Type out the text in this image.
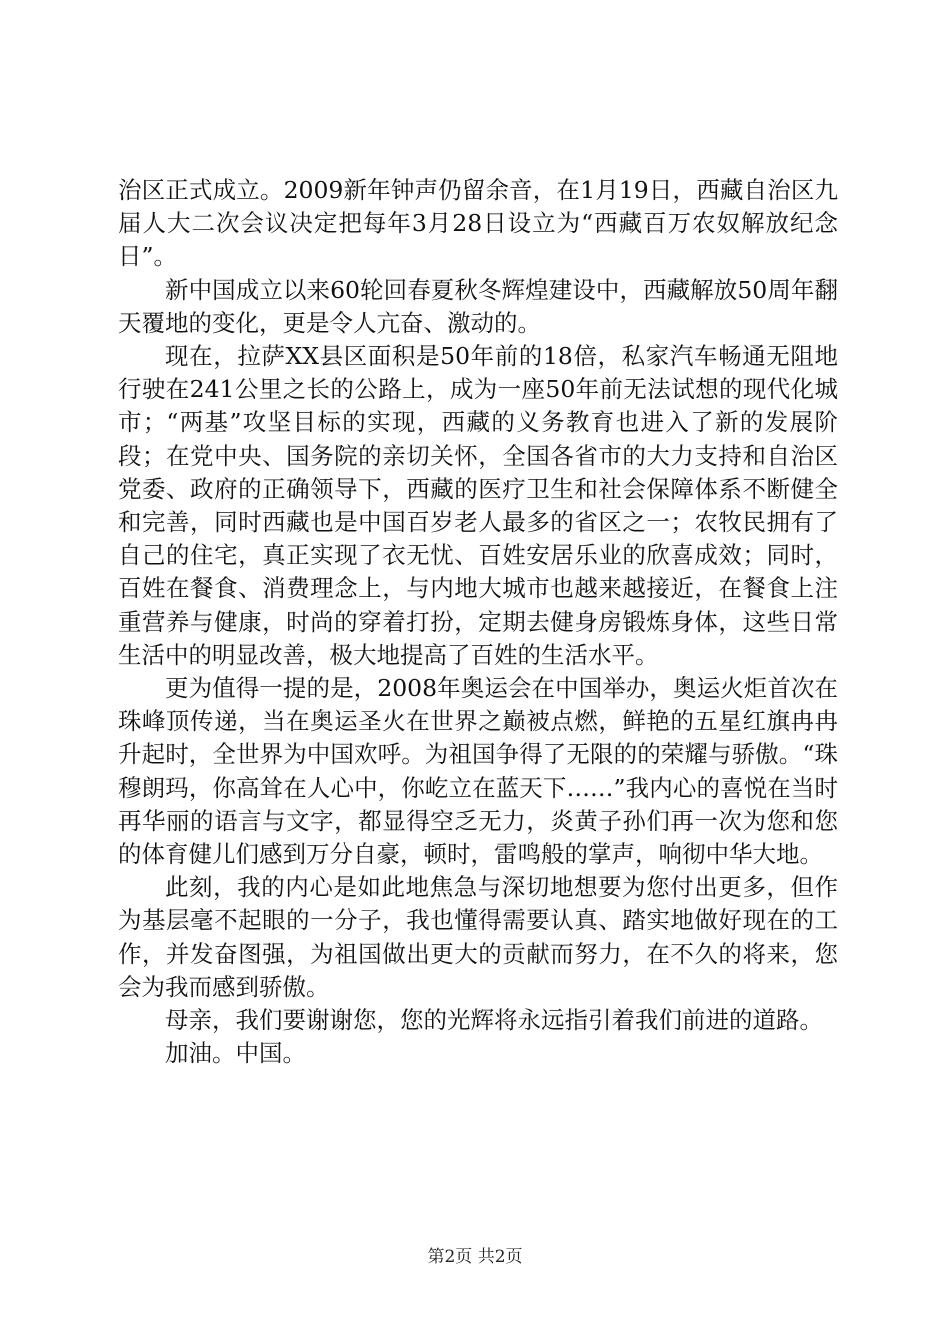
治区正式成立。2009新年钟声仍留余音，在1月19日，西藏自治区九届人大二次会议决定把每年3月28日设立为“西藏百万农奴解放纪念日”。

新中国成立以来60轮回春夏秋冬辉煌建设中，西藏解放50周年翻天覆地的变化，更是令人亢奋、激动的。

现在，拉萨XX县区面积是50年前的18倍，私家汽车畅通无阻地行驶在241公里之长的公路上，成为一座50年前无法试想的现代化城市；“两基”攻坚目标的实现，西藏的义务教育也进入了新的发展阶段；在党中央、国务院的亲切关怀，全国各省市的大力支持和自治区党委、政府的正确领导下，西藏的医疗卫生和社会保障体系不断健全和完善，同时西藏也是中国百岁老人最多的省区之一；农牧民拥有了自己的住宅，真正实现了衣无忧、百姓安居乐业的欣喜成效；同时，百姓在餐食、消费理念上，与内地大城市也越来越接近，在餐食上注重营养与健康，时尚的穿着打扮，定期去健身房锻炼身体，这些日常生活中的明显改善，极大地提高了百姓的生活水平。

更为值得一提的是，2008年奥运会在中国举办，奥运火炬首次在珠峰顶传递，当在奥运圣火在世界之巅被点燃，鲜艳的五星红旗冉冉升起时，全世界为中国欢呼。为祖国争得了无限的的荣耀与骄傲。“珠穆朗玛，你高耸在人心中，你屹立在蓝天下……”我内心的喜悦在当时再华丽的语言与文字，都显得空乏无力，炎黄子孙们再一次为您和您的体育健儿们感到万分自豪，顿时，雷鸣般的掌声，响彻中华大地。

此刻，我的内心是如此地焦急与深切地想要为您付出更多，但作为基层毫不起眼的一分子，我也懂得需要认真、踏实地做好现在的工作，并发奋图强，为祖国做出更大的贡献而努力，在不久的将来，您会为我而感到骄傲。

母亲，我们要谢谢您，您的光辉将永远指引着我们前进的道路。

加油。中国。

第2页 共2页
